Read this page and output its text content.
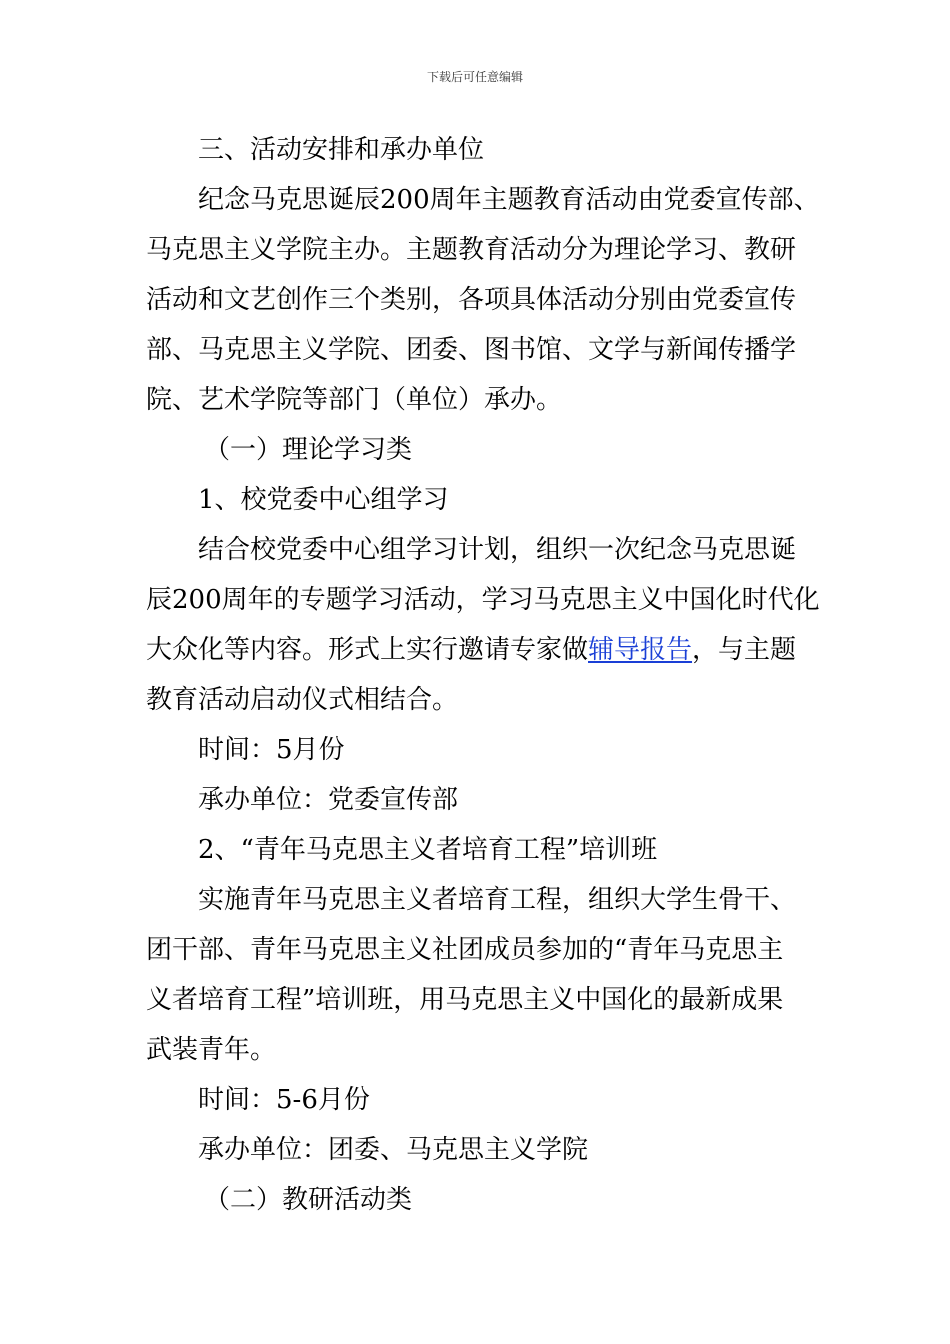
下载后可任意编辑
三、活动安排和承办单位
纪念马克思诞辰200周年主题教育活动由党委宣传部、
马克思主义学院主办。主题教育活动分为理论学习、教研
活动和文艺创作三个类别，各项具体活动分别由党委宣传
部、马克思主义学院、团委、图书馆、文学与新闻传播学
院、艺术学院等部门（单位）承办。
（一）理论学习类
1、校党委中心组学习
结合校党委中心组学习计划，组织一次纪念马克思诞
辰200周年的专题学习活动，学习马克思主义中国化时代化
大众化等内容。形式上实行邀请专家做辅导报告，与主题
教育活动启动仪式相结合。
时间：5月份
承办单位：党委宣传部
2、“青年马克思主义者培育工程”培训班
实施青年马克思主义者培育工程，组织大学生骨干、
团干部、青年马克思主义社团成员参加的“青年马克思主
义者培育工程”培训班，用马克思主义中国化的最新成果
武装青年。
时间：5-6月份
承办单位：团委、马克思主义学院
（二）教研活动类
